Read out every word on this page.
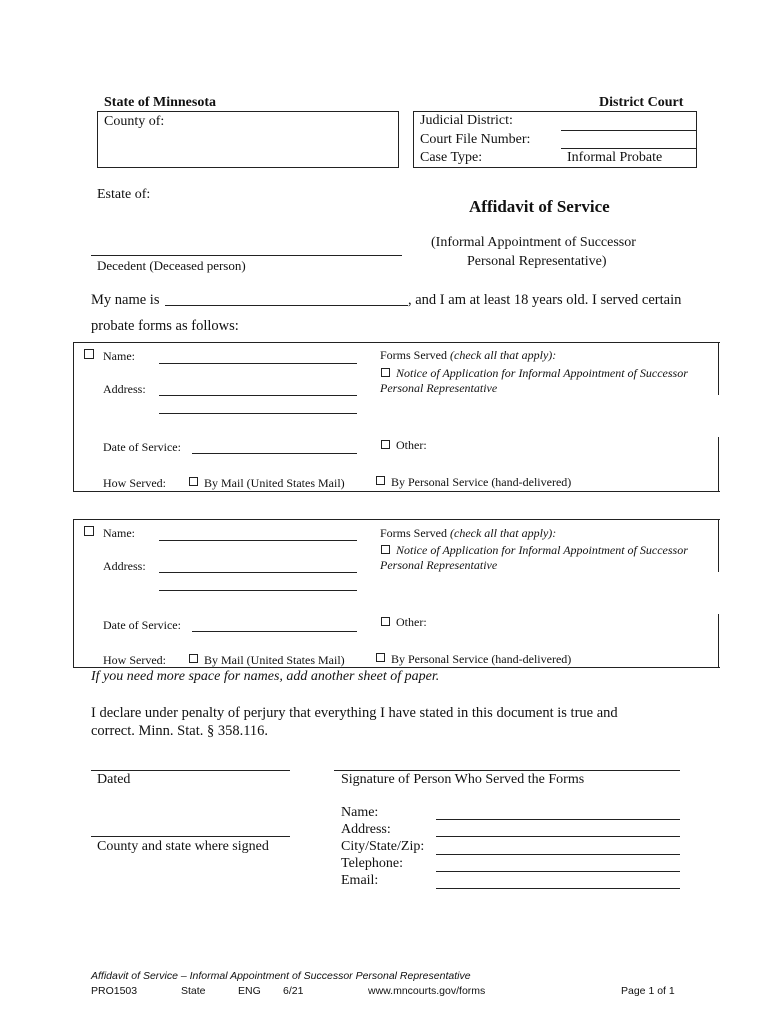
State of Minnesota	District Court
County of:	Judicial District:
Court File Number:
Case Type:	Informal Probate
Estate of:
Affidavit of Service
(Informal Appointment of Successor
Personal Representative)
Decedent (Deceased person)
My name is	, and I am at least 18 years old. I served certain
probate forms as follows:
Name:
Address:
Date of Service:
How Served:	By Mail (United States Mail)	By Personal Service (hand-delivered)
Forms Served (check all that apply):
Notice of Application for Informal Appointment of Successor
Personal Representative
Other:
Name:
Address:
Date of Service:
How Served:	By Mail (United States Mail)	By Personal Service (hand-delivered)
Forms Served (check all that apply):
Notice of Application for Informal Appointment of Successor
Personal Representative
Other:
If you need more space for names, add another sheet of paper.
I declare under penalty of perjury that everything I have stated in this document is true and
correct. Minn. Stat. § 358.116.
Dated
County and state where signed
Signature of Person Who Served the Forms
Name:
Address:
City/State/Zip:
Telephone:
Email:
Affidavit of Service – Informal Appointment of Successor Personal Representative
PRO1503	State	ENG 6/21	www.mncourts.gov/forms	Page 1 of 1
